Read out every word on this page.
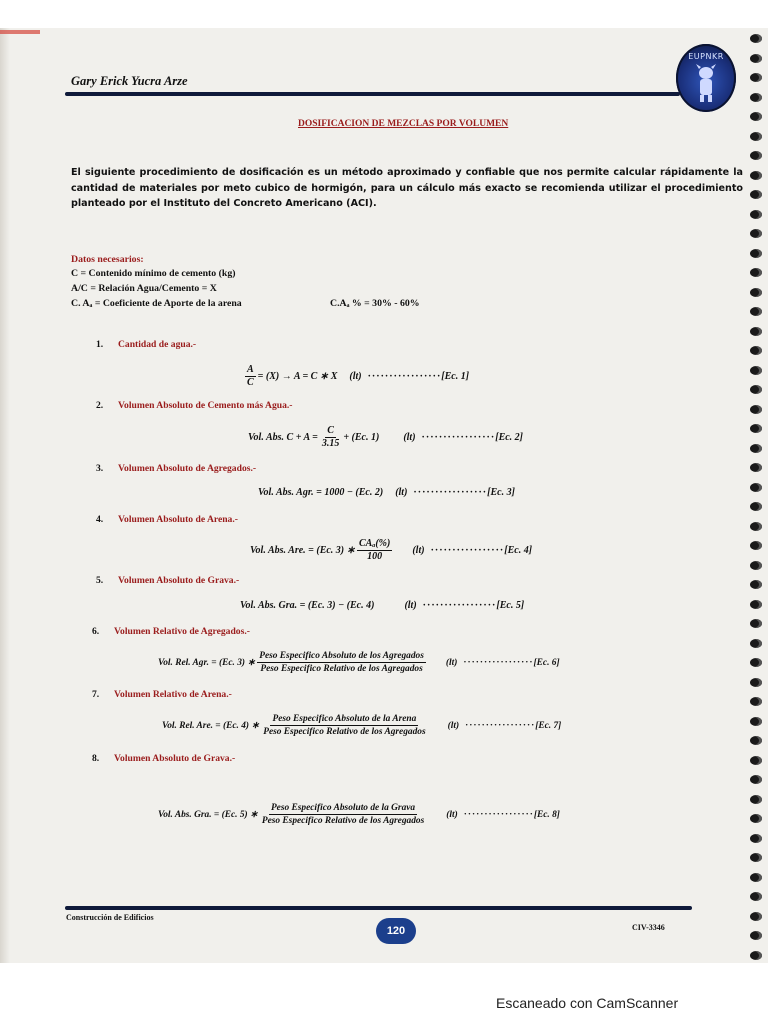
Gary Erick Yucra Arze
EUPNKR
DOSIFICACION DE MEZCLAS POR VOLUMEN
El siguiente procedimiento de dosificación es un método aproximado y confiable que nos permite calcular rápidamente la cantidad de materiales por meto cubico de hormigón, para un cálculo más exacto se recomienda utilizar el procedimiento planteado por el Instituto del Concreto Americano (ACI).
Datos necesarios:
C = Contenido mínimo de cemento (kg)
A/C = Relación Agua/Cemento = X
C. Aₐ = Coeficiente de Aporte de la arena	C.Aₐ % = 30% - 60%
1. Cantidad de agua.-
$\frac{A}{C} = (X) \to A = C$ ∗ X (lt) ················· [Ec. 1]
2. Volumen Absoluto de Cemento más Agua.-
Vol. Abs. $C + A = \frac{C}{3.15} + (Ec$. 1) (lt) ················· [Ec. 2]
3. Volumen Absoluto de Agregados.-
Vol. Abs. Agr. = 1000 − (Ec. 2) (lt) ················· [Ec. 3]
4. Volumen Absoluto de Arena.-
Vol. Abs. Are. = (Ec. 3) ∗ $\frac{\text{CAₐ(\%)}}{100} (lt)$ ················· [Ec. 4]
5. Volumen Absoluto de Grava.-
Vol. Abs. Gra. = (Ec. 3) − (Ec. 4)	(lt) ················· [Ec. 5]
6. Volumen Relativo de Agregados.-
Vol. Rel. Agr. = (Ec. 3) ∗ $\frac{\text{Peso Especifico Absoluto de los Agregados}}{\text{Peso Especifico Relativo de los Agregados}} (lt)$ ················· [Ec. 6]
7. Volumen Relativo de Arena.-
Vol. Rel. Are. = (Ec. 4) ∗ $\frac{\text{Peso Especifico Absoluto de la Arena}}{\text{Peso Especifico Relativo de los Agregados}} (lt)$ ················· [Ec. 7]
8. Volumen Absoluto de Grava.-
Vol. Abs. Gra. = (Ec. 5) ∗ $\frac{\text{Peso Especifico Absoluto de la Grava}}{\text{Peso Especifico Relativo de los Agregados}} (lt)$ ················· [Ec. 8]
Construcción de Edificios
120	CIV-3346
Escaneado con CamScanner
